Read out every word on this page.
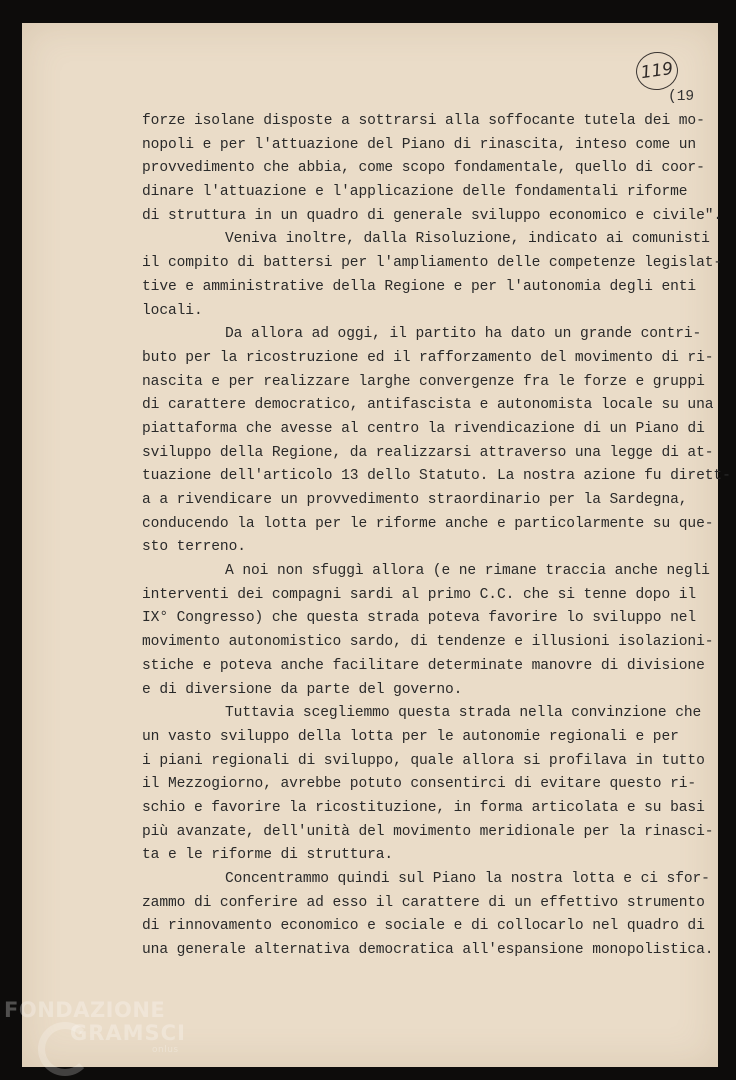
119
(19
forze isolane disposte a sottrarsi alla soffocante tutela dei mo-
nopoli e per l'attuazione del Piano di rinascita, inteso come un
provvedimento che abbia, come scopo fondamentale, quello di coor-
dinare l'attuazione e l'applicazione delle fondamentali riforme
di struttura in un quadro di generale sviluppo economico e civile".
Veniva inoltre, dalla Risoluzione, indicato ai comunisti
il compito di battersi per l'ampliamento delle competenze legislat-
tive e amministrative della Regione e per l'autonomia degli enti
locali.
Da allora ad oggi, il partito ha dato un grande contri-
buto per la ricostruzione ed il rafforzamento del movimento di ri-
nascita e per realizzare larghe convergenze fra le forze e gruppi
di carattere democratico, antifascista e autonomista locale su una
piattaforma che avesse al centro la rivendicazione di un Piano di
sviluppo della Regione, da realizzarsi attraverso una legge di at-
tuazione dell'articolo 13 dello Statuto. La nostra azione fu dirett-
a a rivendicare un provvedimento straordinario per la Sardegna,
conducendo la lotta per le riforme anche e particolarmente su que-
sto terreno.
A noi non sfuggì allora (e ne rimane traccia anche negli
interventi dei compagni sardi al primo C.C. che si tenne dopo il
IX° Congresso) che questa strada poteva favorire lo sviluppo nel
movimento autonomistico sardo, di tendenze e illusioni isolazioni-
stiche e poteva anche facilitare determinate manovre di divisione
e di diversione da parte del governo.
Tuttavia scegliemmo questa strada nella convinzione che
un vasto sviluppo della lotta per le autonomie regionali e per
i piani regionali di sviluppo, quale allora si profilava in tutto
il Mezzogiorno, avrebbe potuto consentirci di evitare questo ri-
schio e favorire la ricostituzione, in forma articolata e su basi
più avanzate, dell'unità del movimento meridionale per la rinasci-
ta e le riforme di struttura.
Concentrammo quindi sul Piano la nostra lotta e ci sfor-
zammo di conferire ad esso il carattere di un effettivo strumento
di rinnovamento economico e sociale e di collocarlo nel quadro di
una generale alternativa democratica all'espansione monopolistica.
FONDAZIONE
GRAMSCI
onlus
